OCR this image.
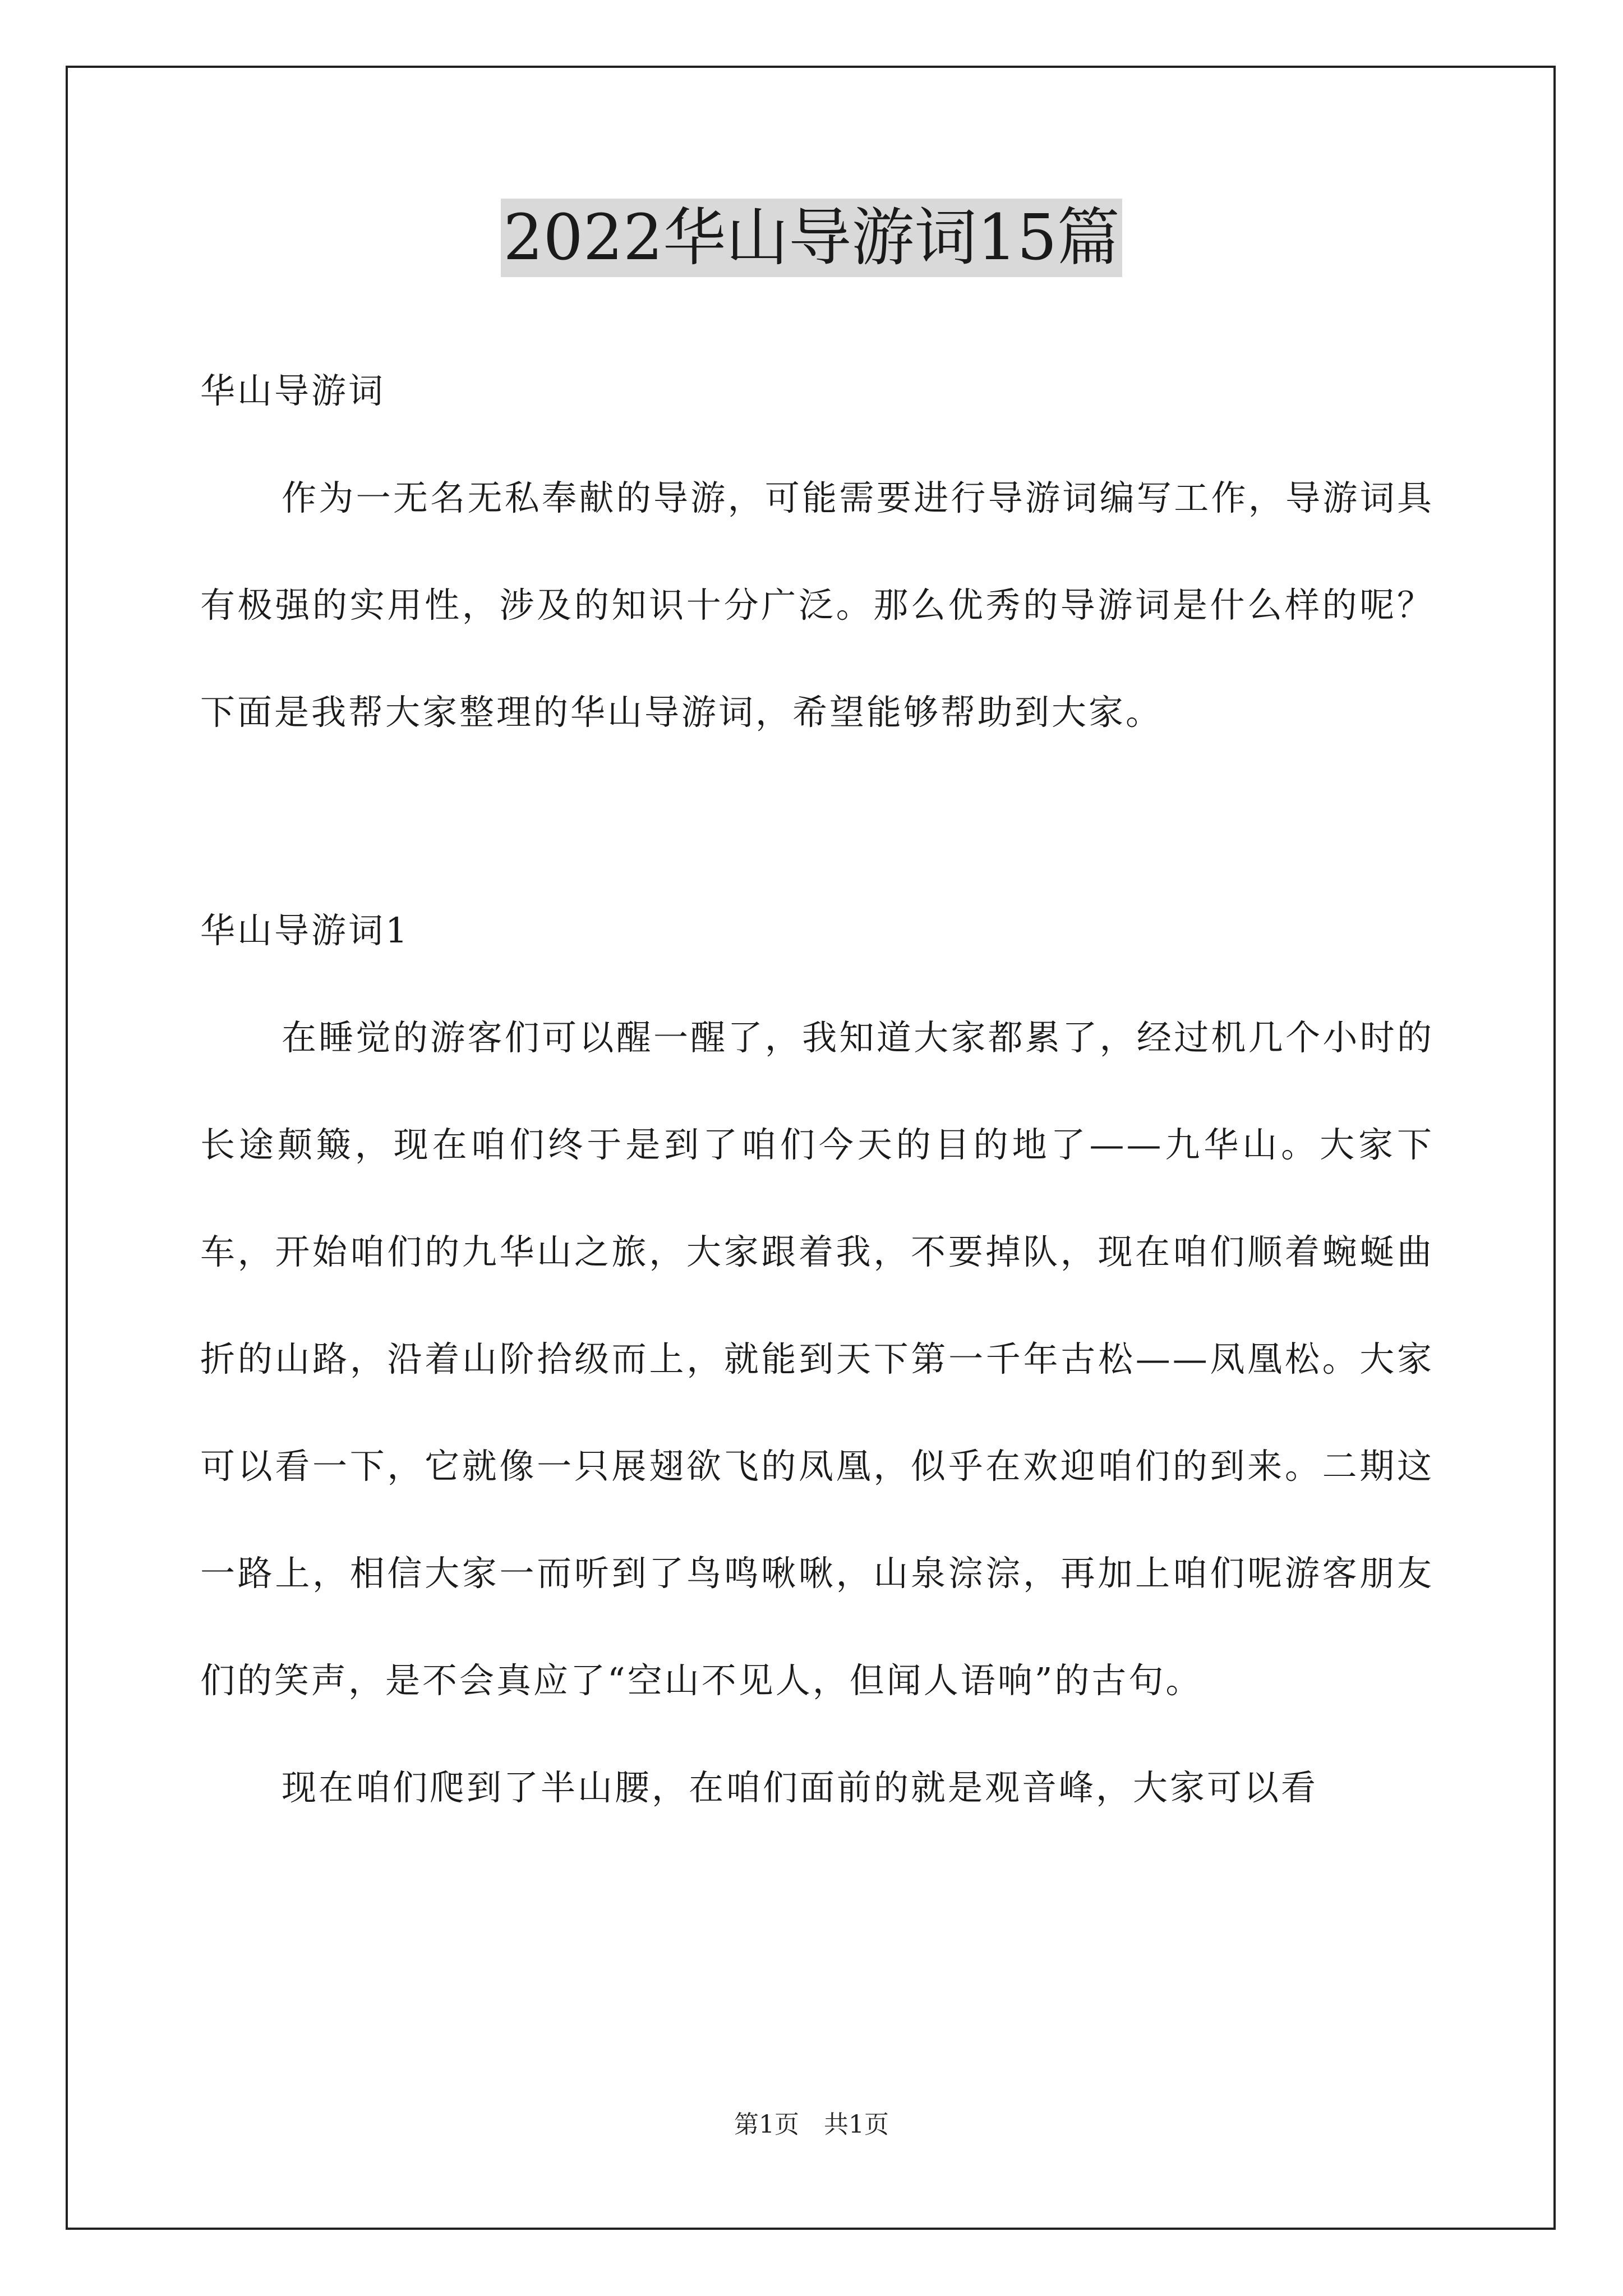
2022华山导游词15篇

华山导游词

作为一无名无私奉献的导游，可能需要进行导游词编写工作，导游词具有极强的实用性，涉及的知识十分广泛。那么优秀的导游词是什么样的呢？下面是我帮大家整理的华山导游词，希望能够帮助到大家。

华山导游词1

在睡觉的游客们可以醒一醒了，我知道大家都累了，经过机几个小时的长途颠簸，现在咱们终于是到了咱们今天的目的地了——九华山。大家下车，开始咱们的九华山之旅，大家跟着我，不要掉队，现在咱们顺着蜿蜒曲折的山路，沿着山阶拾级而上，就能到天下第一千年古松——凤凰松。大家可以看一下，它就像一只展翅欲飞的凤凰，似乎在欢迎咱们的到来。二期这一路上，相信大家一而听到了鸟鸣啾啾，山泉淙淙，再加上咱们呢游客朋友们的笑声，是不会真应了“空山不见人，但闻人语响”的古句。

现在咱们爬到了半山腰，在咱们面前的就是观音峰，大家可以看

第1页　共1页
